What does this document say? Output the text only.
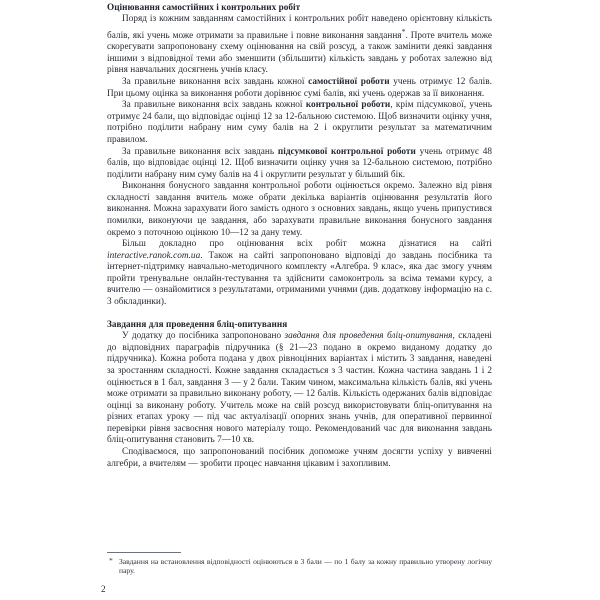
Оцінювання самостійних і контрольних робіт

Поряд із кожним завданням самостійних і контрольних робіт наведено орієнтовну кількість балів, які учень може отримати за правильне і повне виконання завдання*. Проте вчитель може скорегувати запропоновану схему оцінювання на свій розсуд, а також замінити деякі завдання іншими з відповідної теми або зменшити (збільшити) кількість завдань у роботах залежно від рівня навчальних досягнень учнів класу.

За правильне виконання всіх завдань кожної самостійної роботи учень отримує 12 балів. При цьому оцінка за виконання роботи дорівнює сумі балів, які учень одержав за її виконання.

За правильне виконання всіх завдань кожної контрольної роботи, крім підсумкової, учень отримує 24 бали, що відповідає оцінці 12 за 12-бальною системою. Щоб визначити оцінку учня, потрібно поділити набрану ним суму балів на 2 і округлити результат за математичним правилом.

За правильне виконання всіх завдань підсумкової контрольної роботи учень отримує 48 балів, що відповідає оцінці 12. Щоб визначити оцінку учня за 12-бальною системою, потрібно поділити набрану ним суму балів на 4 і округлити результат у більший бік.

Виконання бонусного завдання контрольної роботи оцінюється окремо. Залежно від рівня складності завдання вчитель може обрати декілька варіантів оцінювання результатів його виконання. Можна зарахувати його замість одного з основних завдань, якщо учень припустився помилки, виконуючи це завдання, або зарахувати правильне виконання бонусного завдання окремо з поточною оцінкою 10—12 за дану тему.

Більш докладно про оцінювання всіх робіт можна дізнатися на сайті interactive.ranok.com.ua. Також на сайті запропоновано відповіді до завдань посібника та інтернет-підтримку навчально-методичного комплекту «Алгебра. 9 клас», яка дає змогу учням пройти тренувальне онлайн-тестування та здійснити самоконтроль за всіма темами курсу, а вчителю — ознайомитися з результатами, отриманими учнями (див. додаткову інформацію на с. 3 обкладинки).

Завдання для проведення бліц-опитування

У додатку до посібника запропоновано завдання для проведення бліц-опитування, складені до відповідних параграфів підручника (§ 21—23 подано в окремо виданому додатку до підручника). Кожна робота подана у двох рівноцінних варіантах і містить 3 завдання, наведені за зростанням складності. Кожне завдання складається з 3 частин. Кожна частина завдань 1 і 2 оцінюється в 1 бал, завдання 3 — у 2 бали. Таким чином, максимальна кількість балів, які учень може отримати за правильно виконану роботу, — 12 балів. Кількість одержаних балів відповідає оцінці за виконану роботу. Учитель може на свій розсуд використовувати бліц-опитування на різних етапах уроку — під час актуалізації опорних знань учнів, для оперативної первинної перевірки рівня засвоєння нового матеріалу тощо. Рекомендований час для виконання завдань бліц-опитування становить 7—10 хв.

Сподіваємося, що запропонований посібник допоможе учням досягти успіху у вивченні алгебри, а вчителям — зробити процес навчання цікавим і захопливим.

* Завдання на встановлення відповідності оцінюються в 3 бали — по 1 балу за кожну правильно утворену логічну пару.

2
